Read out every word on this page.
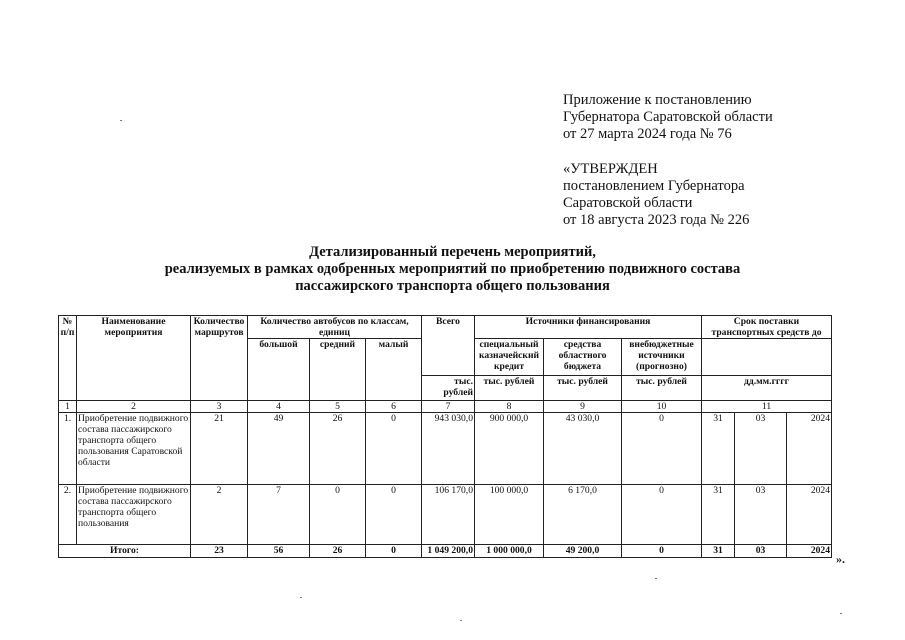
Приложение к постановлению
Губернатора Саратовской области
от 27 марта 2024 года № 76
«УТВЕРЖДЕН
постановлением Губернатора
Саратовской области
от 18 августа 2023 года № 226
Детализированный перечень мероприятий,
реализуемых в рамках одобренных мероприятий по приобретению подвижного состава
пассажирского транспорта общего пользования
№ п/п	Наименование мероприятия	Количество маршрутов	Количество автобусов по классам, единиц			Всего	Источники финансирования			Срок поставки транспортных средств до		
			большой	средний	малый		специальный казначейский кредит	средства областного бюджета	внебюджетные источники (прогнозно)			
						тыс. рублей	тыс. рублей	тыс. рублей	тыс. рублей	дд.мм.гггг		
1	2	3	4	5	6	7	8	9	10	11		
1.	Приобретение подвижного состава пассажирского транспорта общего пользования Саратовской области	21	49	26	0	943 030,0	900 000,0	43 030,0	0	31	03	2024
2.	Приобретение подвижного состава пассажирского транспорта общего пользования	2	7	0	0	106 170,0	100 000,0	6 170,0	0	31	03	2024
Итого:		23	56	26	0	1 049 200,0	1 000 000,0	49 200,0	0	31	03	2024
».
